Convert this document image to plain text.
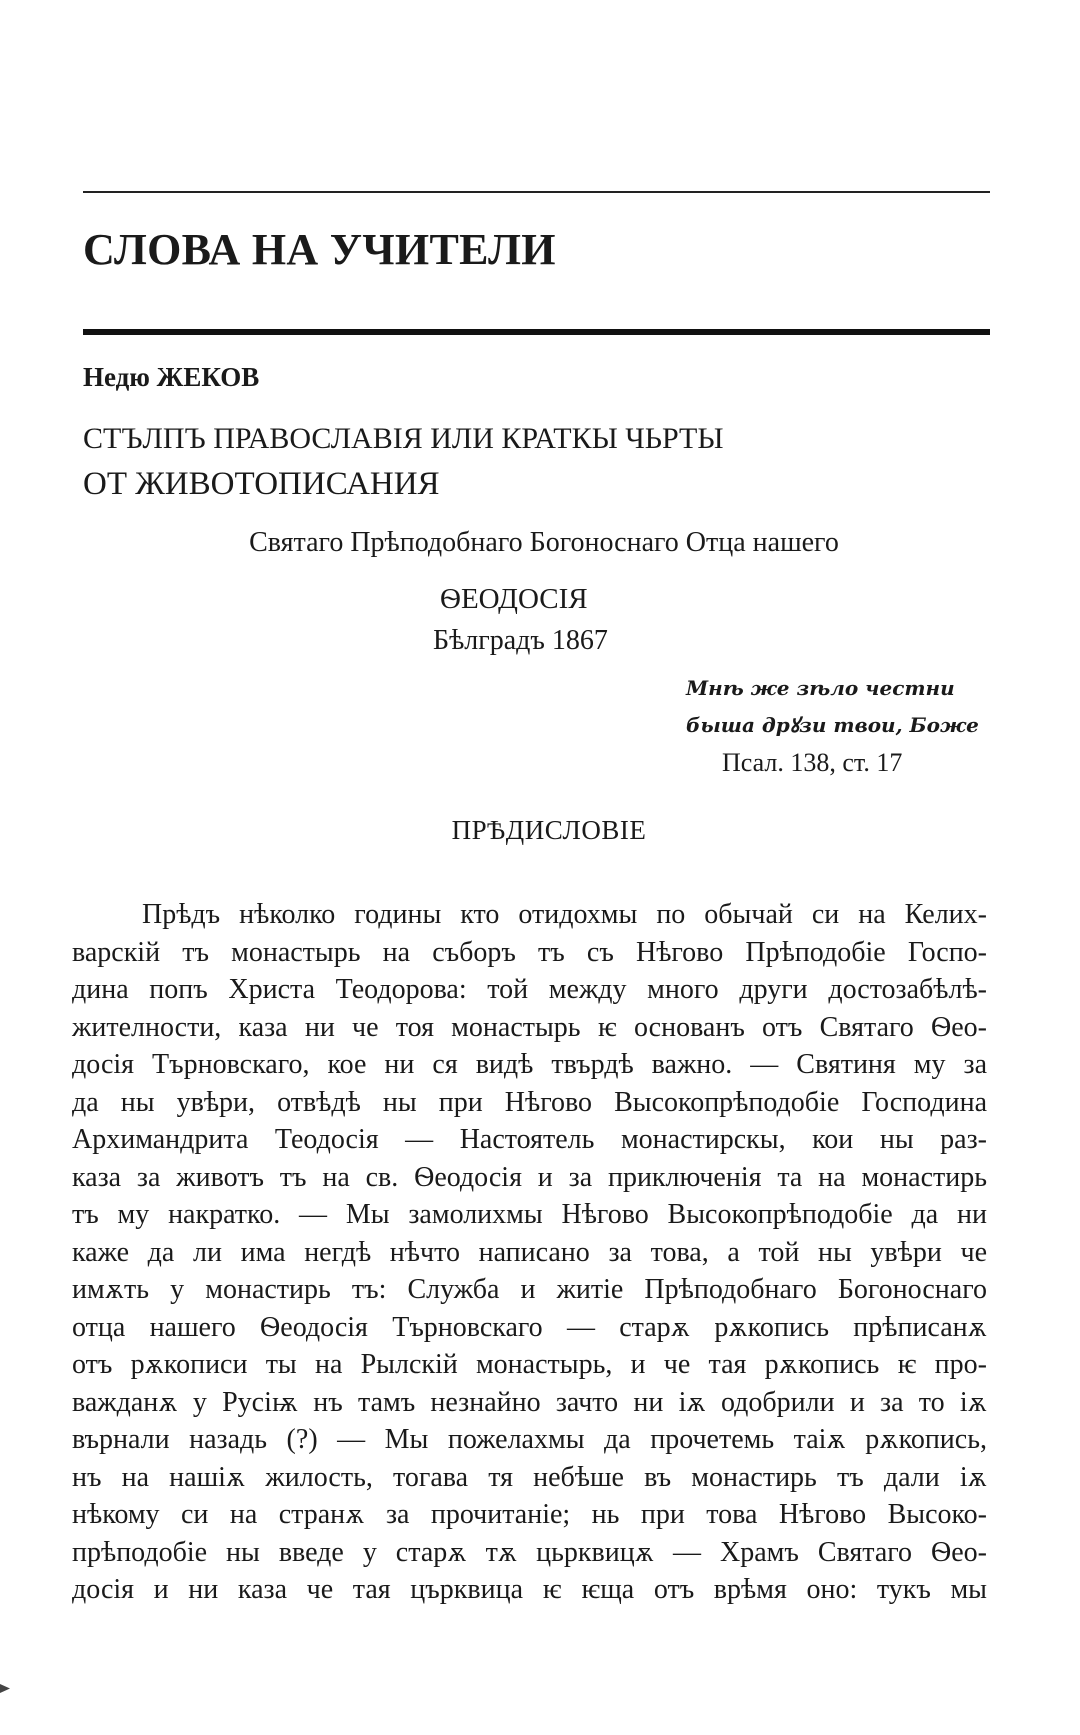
СЛОВА НА УЧИТЕЛИ
Недю ЖЕКОВ
СТЪЛПЪ ПРАВОСЛАВІЯ ИЛИ КРАТКЫ ЧЬРТЫ
ОТ ЖИВОТОПИСАНИЯ
Святаго Прѣподобнаго Богоноснаго Отца нашего
ѲЕОДОСІЯ
Бѣлградъ 1867
Мнѣ же зѣло честни
быша дрꙋзи твои, Боже
Псал. 138, ст. 17
ПРѢДИСЛОВІЕ
Прѣдъ нѣколко годины кто отидохмы по обычай си на Келих-
варскій тъ монастырь на съборъ тъ съ Нѣгово Прѣподобіе Госпо-
дина попъ Христа Теодорова: той между много други достозабѣлѣ-
жителности, каза ни че тоя монастырь ѥ основанъ отъ Святаго Ѳео-
досія Търновскаго, кое ни ся видѣ твърдѣ важно. — Святиня му за
да ны увѣри, отвѣдѣ ны при Нѣгово Высокопрѣподобіе Господина
Архимандрита Теодосія — Настоятель монастирскы, кои ны раз-
каза за животъ тъ на св. Ѳеодосія и за приключенія та на монастирь
тъ му накратко. — Мы замолихмы Нѣгово Высокопрѣподобіе да ни
каже да ли има негдѣ нѣчто написано за това, а той ны увѣри че
имѫть у монастирь тъ: Служба и житіе Прѣподобнаго Богоноснаго
отца нашего Ѳеодосія Търновскаго — старѫ рѫкопись прѣписанѫ
отъ рѫкописи ты на Рылскій монастырь, и че тая рѫкопись ѥ про-
важданѫ у Русіѭ нъ тамъ незнайно зачто ни іѫ одобрили и за то іѫ
върнали назадь (?) — Мы пожелахмы да прочетемь таіѫ рѫкопись,
нъ на нашіѫ жилость, тогава тя небѣше въ монастирь тъ дали іѫ
нѣкому си на странѫ за прочитаніе; нь при това Нѣгово Высоко-
прѣподобіе ны введе у старѫ тѫ цьрквицѫ — Храмъ Святаго Ѳео-
досія и ни каза че тая църквица ѥ ѥща отъ врѣмя оно: тукъ мы
